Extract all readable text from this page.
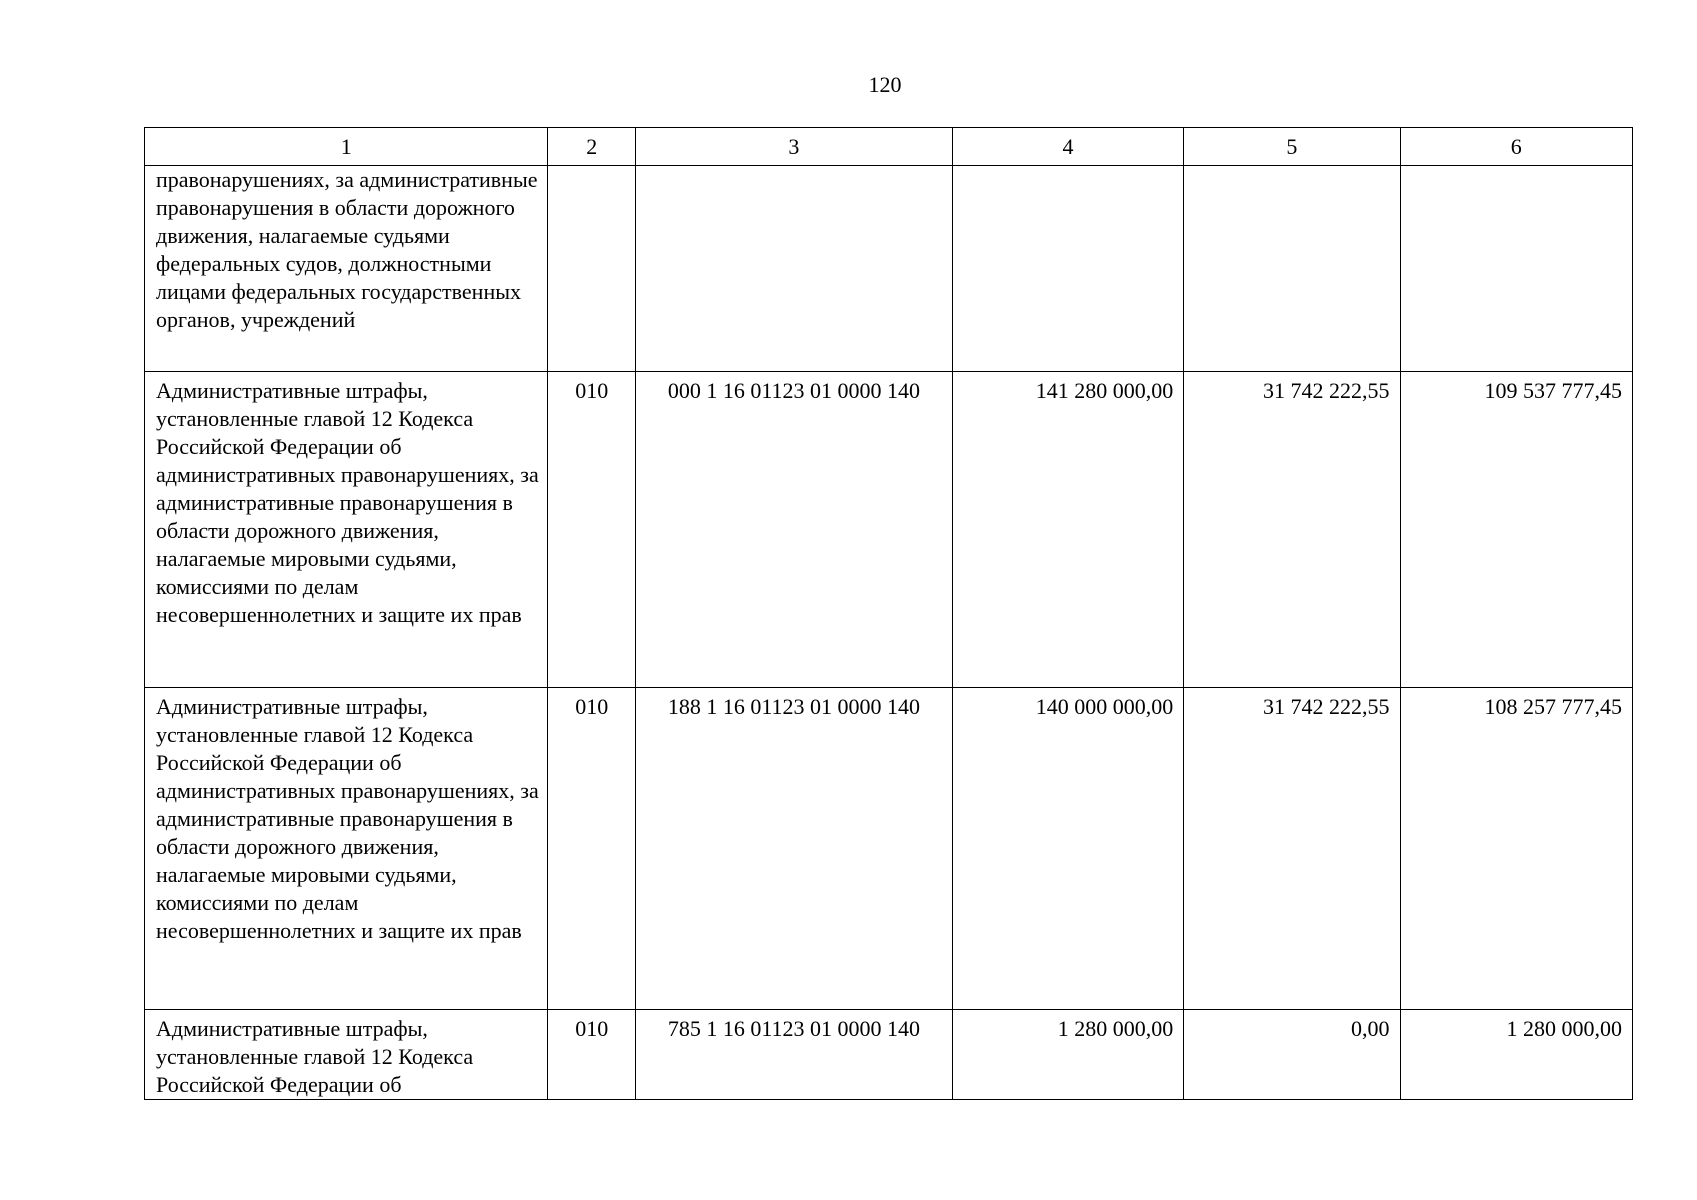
120
1	2	3	4	5	6
правонарушениях, за административные правонарушения в области дорожного движения, налагаемые судьями федеральных судов, должностными лицами федеральных государственных органов, учреждений					
Административные штрафы, установленные главой 12 Кодекса Российской Федерации об административных правонарушениях, за административные правонарушения в области дорожного движения, налагаемые мировыми судьями, комиссиями по делам несовершеннолетних и защите их прав	010	000 1 16 01123 01 0000 140	141 280 000,00	31 742 222,55	109 537 777,45
Административные штрафы, установленные главой 12 Кодекса Российской Федерации об административных правонарушениях, за административные правонарушения в области дорожного движения, налагаемые мировыми судьями, комиссиями по делам несовершеннолетних и защите их прав	010	188 1 16 01123 01 0000 140	140 000 000,00	31 742 222,55	108 257 777,45
Административные штрафы, установленные главой 12 Кодекса Российской Федерации об	010	785 1 16 01123 01 0000 140	1 280 000,00	0,00	1 280 000,00
